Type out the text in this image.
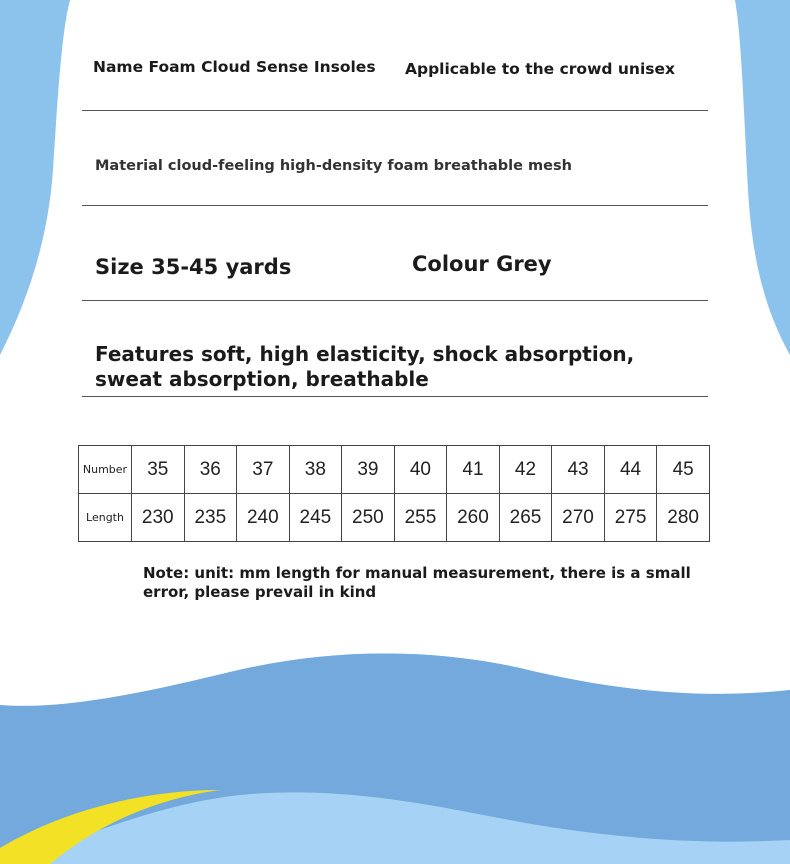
Name Foam Cloud Sense Insoles Applicable to the crowd unisex
Material cloud-feeling high-density foam breathable mesh
Size 35-45 yards	Colour Grey
Features soft, high elasticity, shock absorption, sweat absorption, breathable
Number	35	36	37	38	39	40	41	42	43	44	45
Length	230	235	240	245	250	255	260	265	270	275	280
Note: unit: mm length for manual measurement, there is a small error, please prevail in kind
